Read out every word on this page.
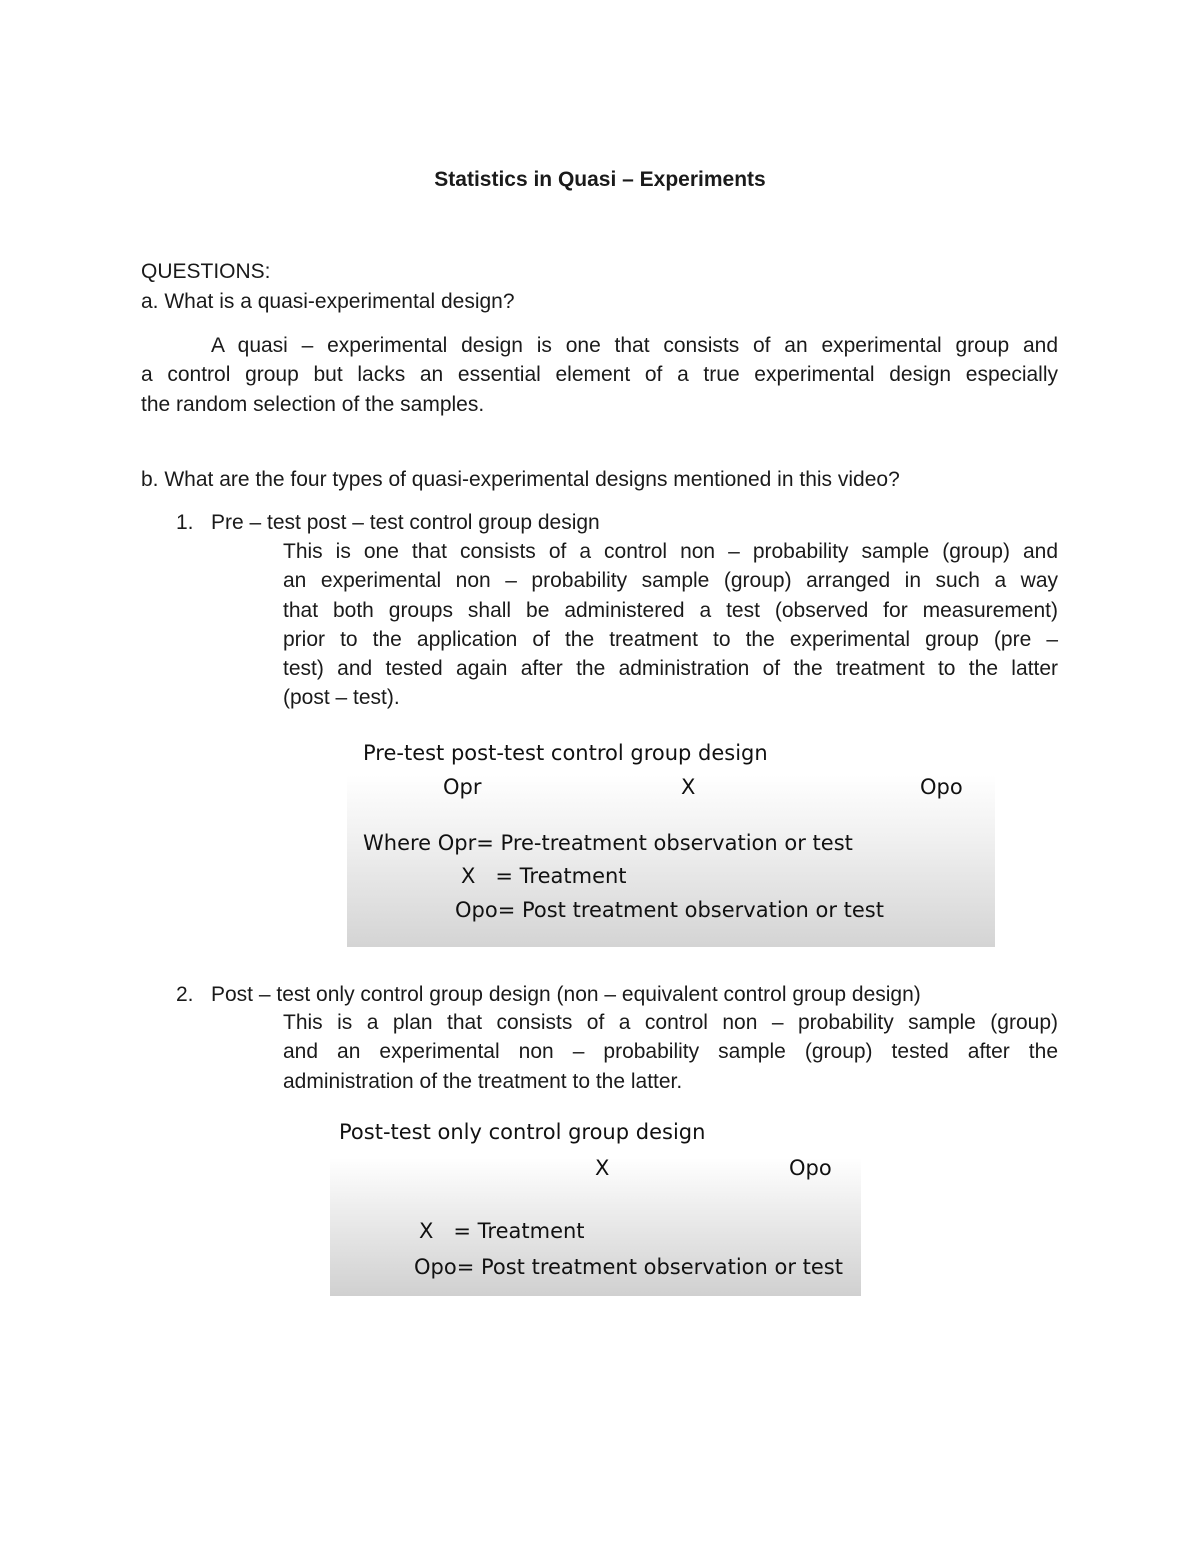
Statistics in Quasi – Experiments
QUESTIONS:
a. What is a quasi-experimental design?
A quasi – experimental design is one that consists of an experimental group and
a control group but lacks an essential element of a true experimental design especially
the random selection of the samples.
b. What are the four types of quasi-experimental designs mentioned in this video?
1. Pre – test post – test control group design
This is one that consists of a control non – probability sample (group) and
an experimental non – probability sample (group) arranged in such a way
that both groups shall be administered a test (observed for measurement)
prior to the application of the treatment to the experimental group (pre –
test) and tested again after the administration of the treatment to the latter
(post – test).
Pre-test post-test control group design
Opr	X	Opo
Where Opr= Pre-treatment observation or test
X   = Treatment
Opo= Post treatment observation or test
2. Post – test only control group design (non – equivalent control group design)
This is a plan that consists of a control non – probability sample (group)
and an experimental non – probability sample (group) tested after the
administration of the treatment to the latter.
Post-test only control group design
X	Opo
X   = Treatment
Opo= Post treatment observation or test
